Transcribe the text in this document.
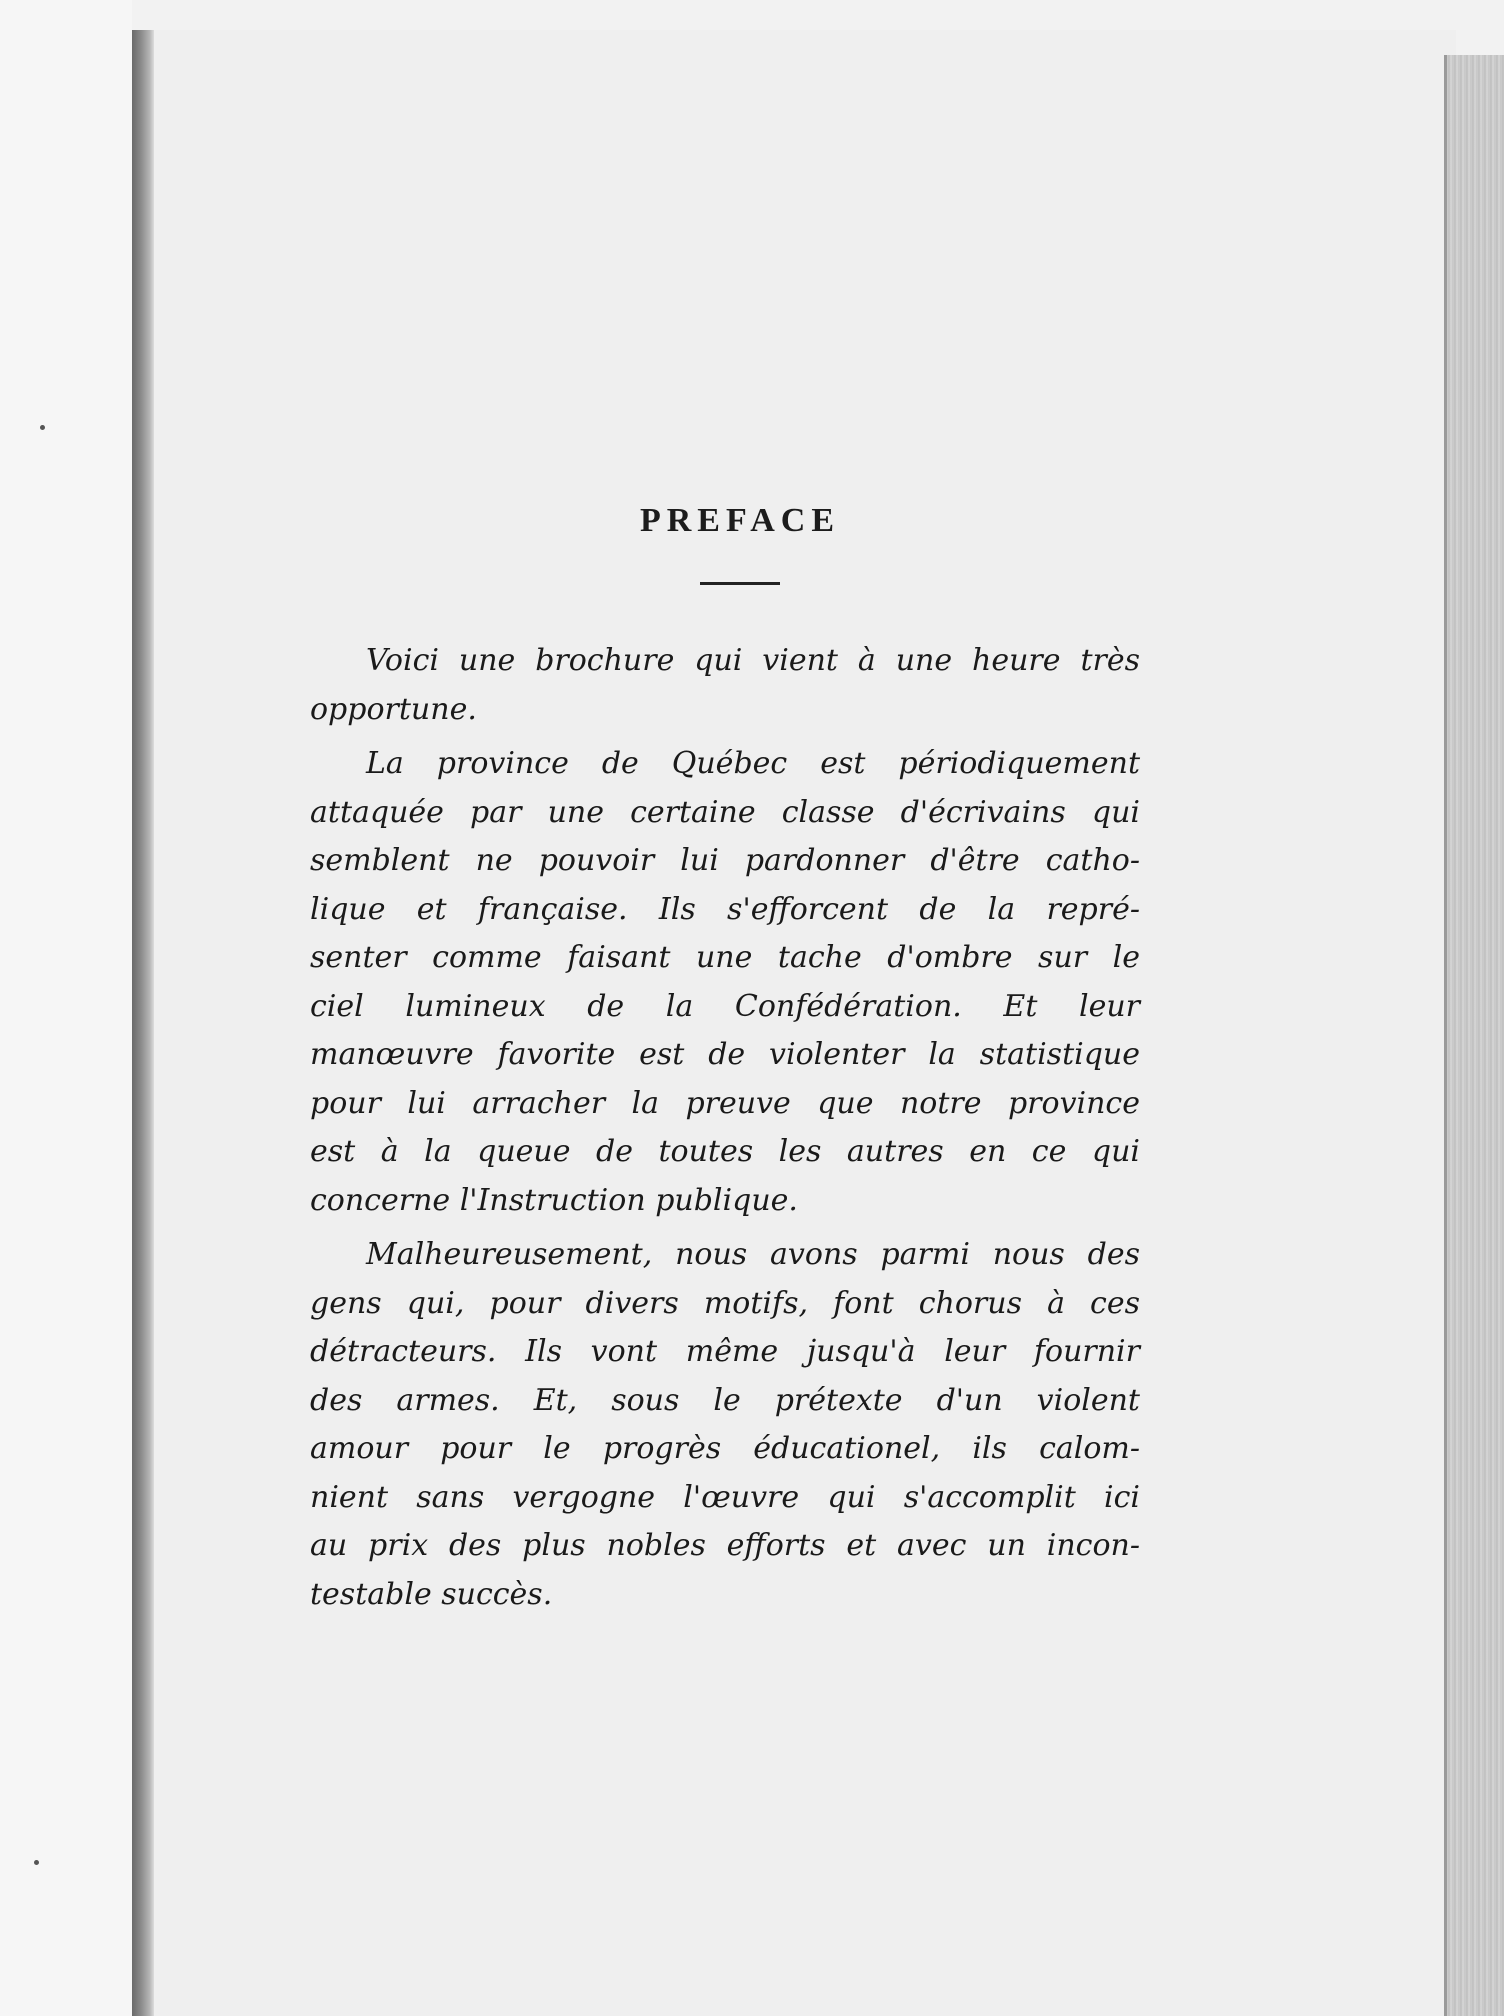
PREFACE
Voici une brochure qui vient à une heure très
opportune.
La province de Québec est périodiquement
attaquée par une certaine classe d'écrivains qui
semblent ne pouvoir lui pardonner d'être catho-
lique et française. Ils s'efforcent de la repré-
senter comme faisant une tache d'ombre sur le
ciel lumineux de la Confédération. Et leur
manœuvre favorite est de violenter la statistique
pour lui arracher la preuve que notre province
est à la queue de toutes les autres en ce qui
concerne l'Instruction publique.
Malheureusement, nous avons parmi nous des
gens qui, pour divers motifs, font chorus à ces
détracteurs. Ils vont même jusqu'à leur fournir
des armes. Et, sous le prétexte d'un violent
amour pour le progrès éducationel, ils calom-
nient sans vergogne l'œuvre qui s'accomplit ici
au prix des plus nobles efforts et avec un incon-
testable succès.
